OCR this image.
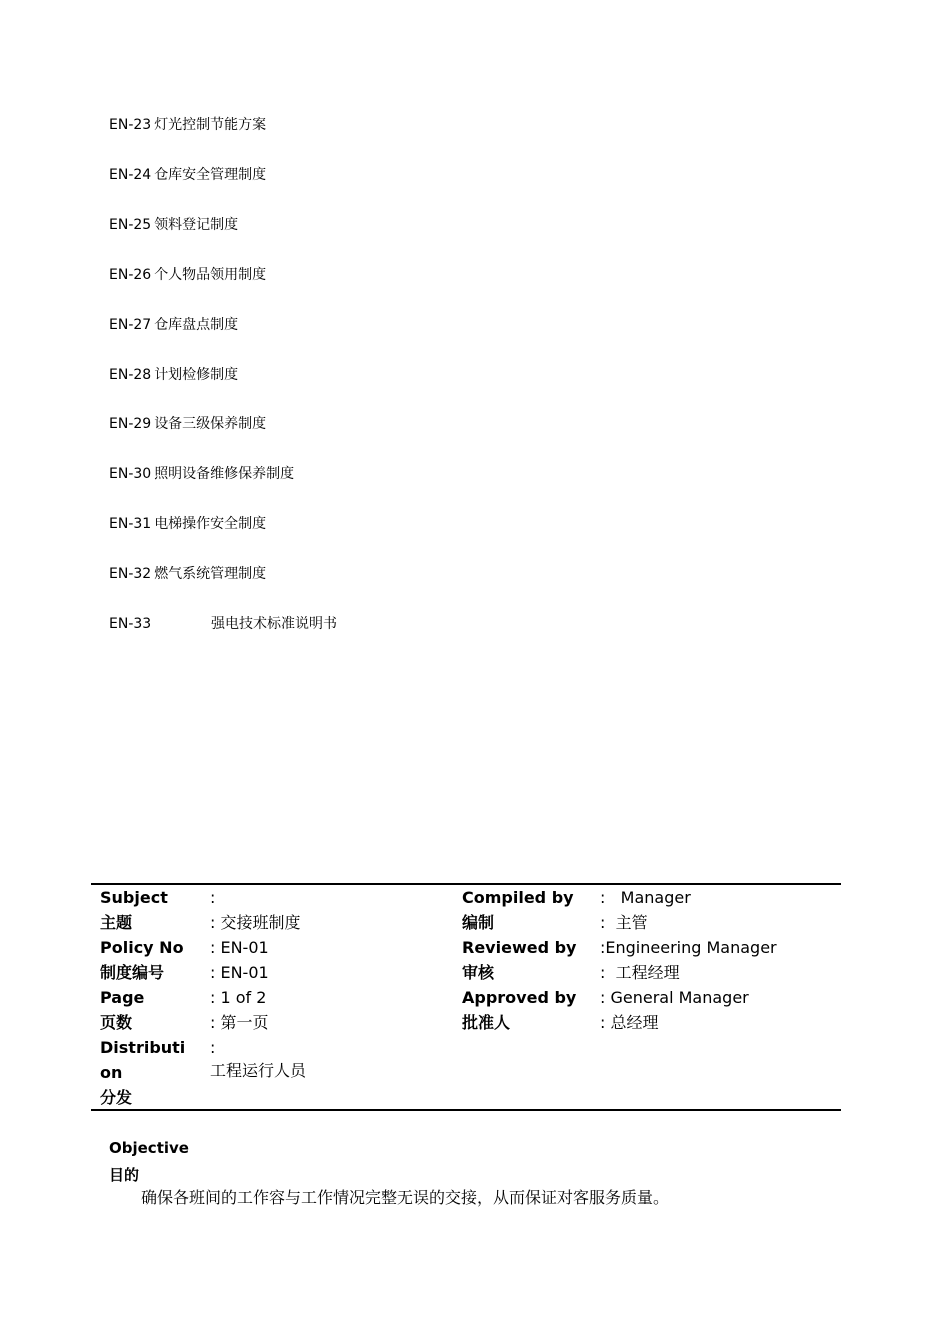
EN-23 灯光控制节能方案
EN-24 仓库安全管理制度
EN-25 领料登记制度
EN-26 个人物品领用制度
EN-27 仓库盘点制度
EN-28 计划检修制度
EN-29 设备三级保养制度
EN-30 照明设备维修保养制度
EN-31 电梯操作安全制度
EN-32 燃气系统管理制度
EN-33	强电技术标准说明书
Subject
主题
Policy No
制度编号
Page
页数
Distributi
on
分发
:
: 交接班制度
: EN-01
: EN-01
: 1 of 2
: 第一页
:
工程运行人员
Compiled by
编制
Reviewed by
审核
Approved by
批准人
:   Manager
:  主管
:Engineering Manager
:  工程经理
: General Manager
: 总经理
Objective
目的
确保各班间的工作容与工作情况完整无误的交接，从而保证对客服务质量。
